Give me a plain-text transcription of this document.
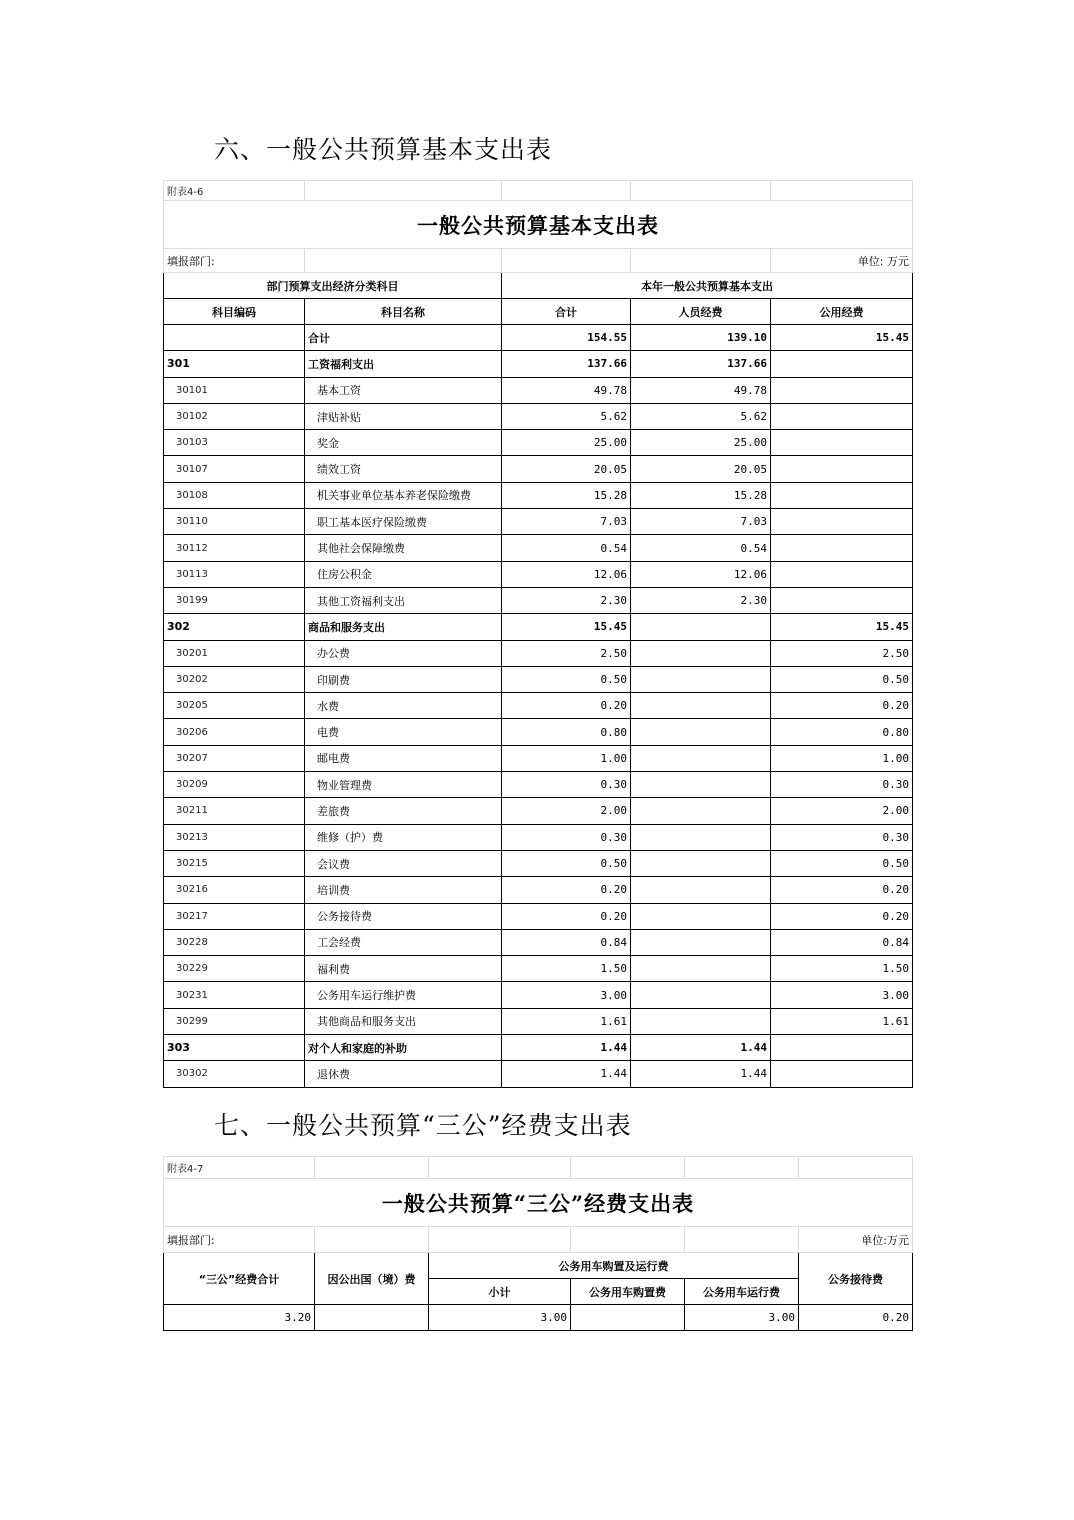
六、一般公共预算基本支出表
附表4-6				
一般公共预算基本支出表				
填报部门:				单位: 万元
部门预算支出经济分类科目		本年一般公共预算基本支出		
科目编码	科目名称	合计	人员经费	公用经费
	合计	154.55	139.10	15.45
301	工资福利支出	137.66	137.66	
30101	基本工资	49.78	49.78	
30102	津贴补贴	5.62	5.62	
30103	奖金	25.00	25.00	
30107	绩效工资	20.05	20.05	
30108	机关事业单位基本养老保险缴费	15.28	15.28	
30110	职工基本医疗保险缴费	7.03	7.03	
30112	其他社会保障缴费	0.54	0.54	
30113	住房公积金	12.06	12.06	
30199	其他工资福利支出	2.30	2.30	
302	商品和服务支出	15.45		15.45
30201	办公费	2.50		2.50
30202	印刷费	0.50		0.50
30205	水费	0.20		0.20
30206	电费	0.80		0.80
30207	邮电费	1.00		1.00
30209	物业管理费	0.30		0.30
30211	差旅费	2.00		2.00
30213	维修（护）费	0.30		0.30
30215	会议费	0.50		0.50
30216	培训费	0.20		0.20
30217	公务接待费	0.20		0.20
30228	工会经费	0.84		0.84
30229	福利费	1.50		1.50
30231	公务用车运行维护费	3.00		3.00
30299	其他商品和服务支出	1.61		1.61
303	对个人和家庭的补助	1.44	1.44	
30302	退休费	1.44	1.44	
七、一般公共预算“三公”经费支出表
附表4-7					
一般公共预算“三公”经费支出表					
填报部门:					单位:万元
“三公”经费合计	因公出国（境）费	公务用车购置及运行费			公务接待费
		小计	公务用车购置费	公务用车运行费	
3.20		3.00		3.00	0.20
